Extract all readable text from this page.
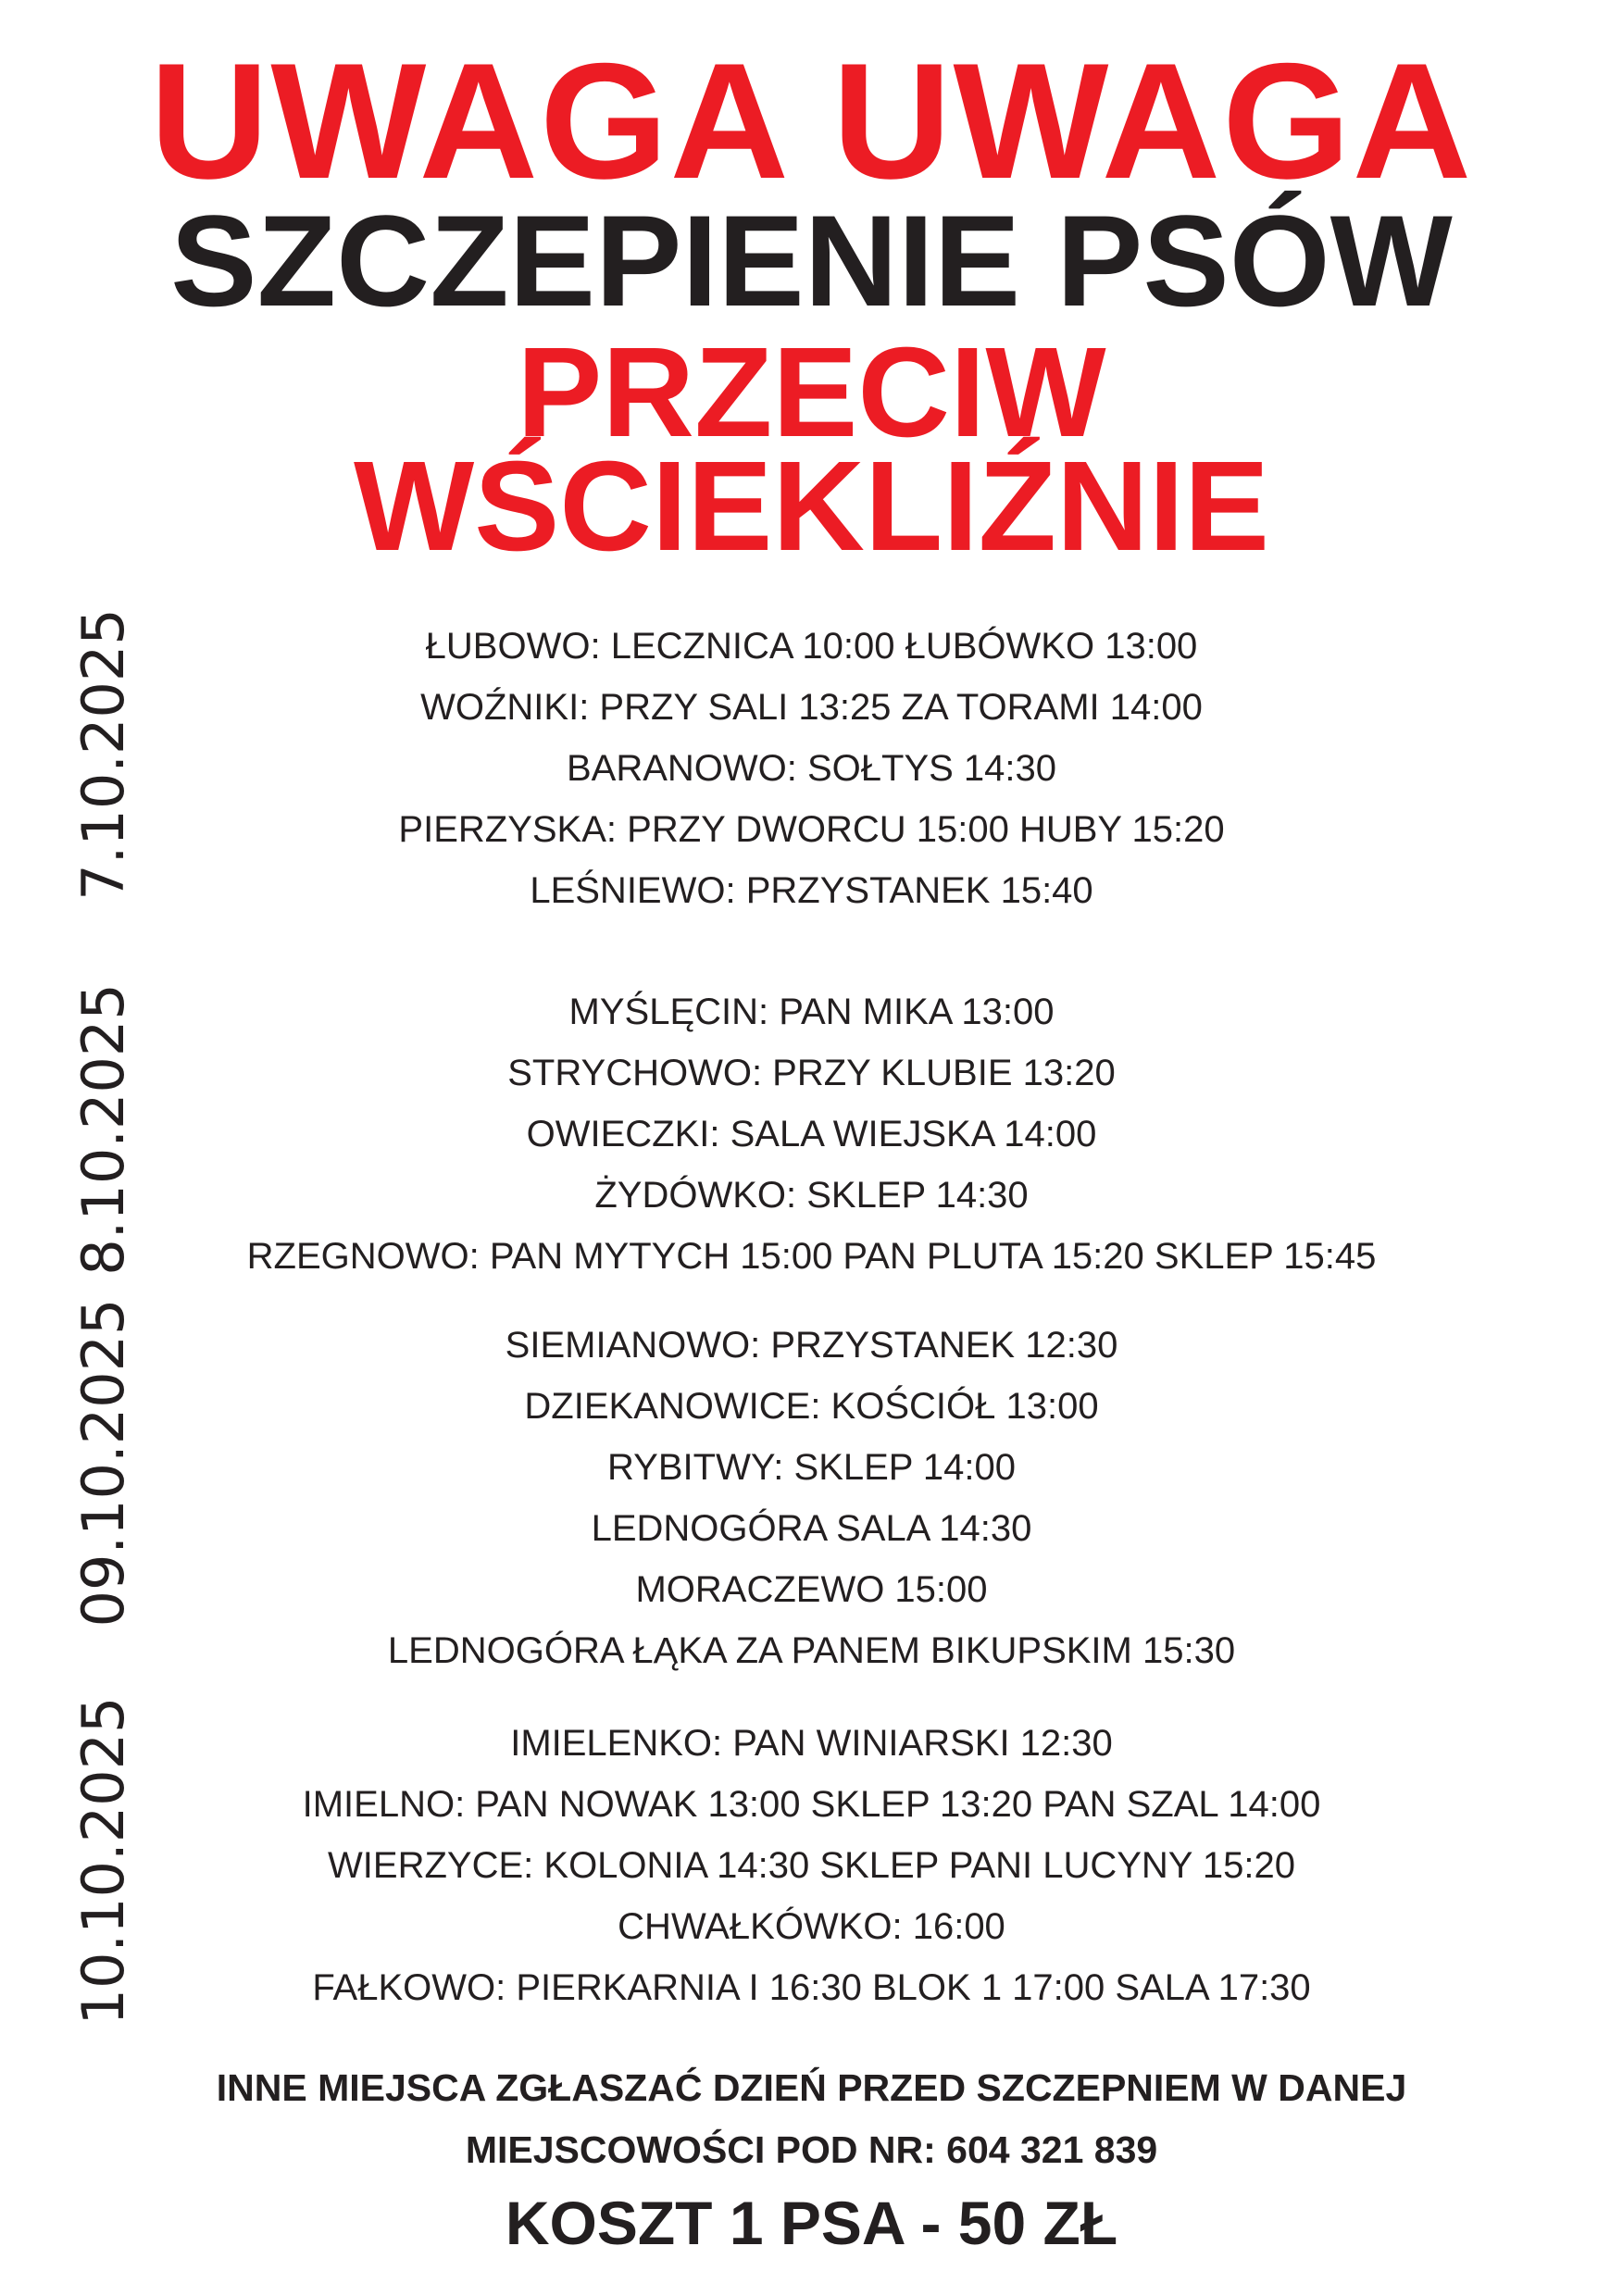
UWAGA UWAGA
SZCZEPIENIE PSÓW
PRZECIW
WŚCIEKLIŹNIE
7.10.2025	ŁUBOWO: LECZNICA 10:00 ŁUBÓWKO 13:00
WOŹNIKI: PRZY SALI 13:25 ZA TORAMI 14:00
BARANOWO: SOŁTYS 14:30
PIERZYSKA: PRZY DWORCU 15:00 HUBY 15:20
LEŚNIEWO: PRZYSTANEK 15:40
8.10.2025	MYŚLĘCIN: PAN MIKA 13:00
STRYCHOWO: PRZY KLUBIE 13:20
OWIECZKI: SALA WIEJSKA 14:00
ŻYDÓWKO: SKLEP 14:30
RZEGNOWO: PAN MYTYCH 15:00 PAN PLUTA 15:20 SKLEP 15:45
09.10.2025	SIEMIANOWO: PRZYSTANEK 12:30
DZIEKANOWICE: KOŚCIÓŁ 13:00
RYBITWY: SKLEP 14:00
LEDNOGÓRA SALA 14:30
MORACZEWO 15:00
LEDNOGÓRA ŁĄKA ZA PANEM BIKUPSKIM 15:30
10.10.2025	IMIELENKO: PAN WINIARSKI 12:30
IMIELNO: PAN NOWAK 13:00 SKLEP 13:20 PAN SZAL 14:00
WIERZYCE: KOLONIA 14:30 SKLEP PANI LUCYNY 15:20
CHWAŁKÓWKO: 16:00
FAŁKOWO: PIERKARNIA I 16:30 BLOK 1 17:00 SALA 17:30
INNE MIEJSCA ZGŁASZAĆ DZIEŃ PRZED SZCZEPNIEM W DANEJ
MIEJSCOWOŚCI POD NR: 604 321 839
KOSZT 1 PSA - 50 ZŁ
